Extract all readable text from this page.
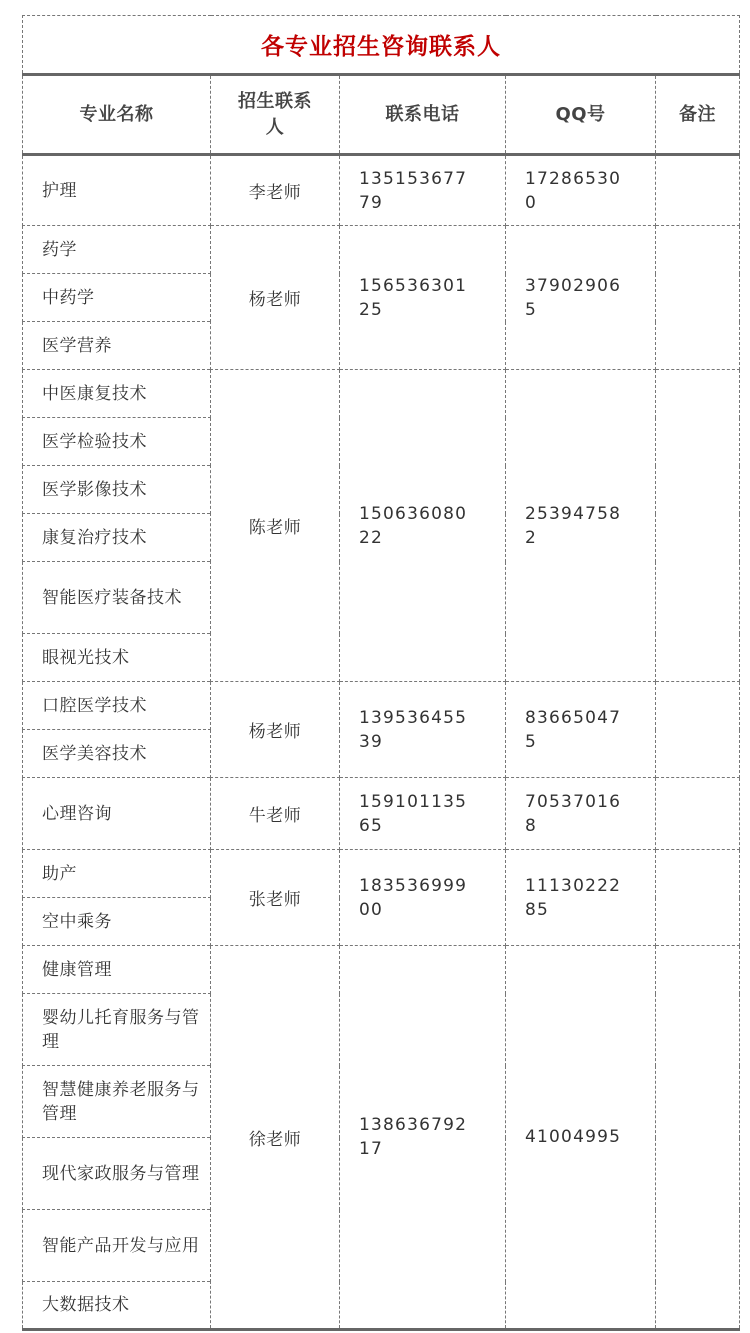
各专业招生咨询联系人				
专业名称	招生联系人	联系电话	QQ号	备注
护理	李老师	13515367779	172865300	
药学	杨老师	15653630125	379029065	
中药学				
医学营养				
中医康复技术	陈老师	15063608022	253947582	
医学检验技术				
医学影像技术				
康复治疗技术				
智能医疗装备技术				
眼视光技术				
口腔医学技术	杨老师	13953645539	836650475	
医学美容技术				
心理咨询	牛老师	15910113565	705370168	
助产	张老师	18353699900	1113022285	
空中乘务				
健康管理	徐老师	13863679217	41004995	
婴幼儿托育服务与管理				
智慧健康养老服务与管理				
现代家政服务与管理				
智能产品开发与应用				
大数据技术				
